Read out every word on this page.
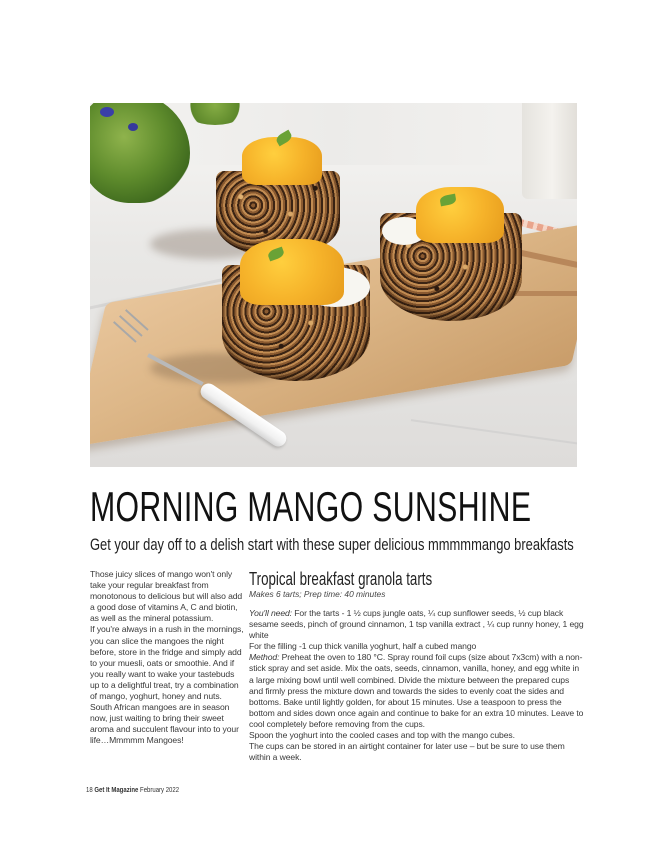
MORNING MANGO SUNSHINE
Get your day off to a delish start with these super delicious mmmmmango breakfasts

Those juicy slices of mango won't only take your regular breakfast from monotonous to delicious but will also add a good dose of vitamins A, C and biotin, as well as the mineral potassium.

If you're always in a rush in the mornings, you can slice the mangoes the night before, store in the fridge and simply add to your muesli, oats or smoothie. And if you really want to wake your tastebuds up to a delightful treat, try a combination of mango, yoghurt, honey and nuts. South African mangoes are in season now, just waiting to bring their sweet aroma and succulent flavour into to your life…Mmmmm Mangoes!

Tropical breakfast granola tarts

Makes 6 tarts; Prep time: 40 minutes

You'll need: For the tarts - 1 ½ cups jungle oats, ¼ cup sunflower seeds, ½ cup black sesame seeds, pinch of ground cinnamon, 1 tsp vanilla extract , ¼ cup runny honey, 1 egg white

For the filling -1 cup thick vanilla yoghurt, half a cubed mango

Method: Preheat the oven to 180 °C. Spray round foil cups (size about 7x3cm) with a non-stick spray and set aside. Mix the oats, seeds, cinnamon, vanilla, honey, and egg white in a large mixing bowl until well combined. Divide the mixture between the prepared cups and firmly press the mixture down and towards the sides to evenly coat the sides and bottoms. Bake until lightly golden, for about 15 minutes. Use a teaspoon to press the bottom and sides down once again and continue to bake for an extra 10 minutes. Leave to cool completely before removing from the cups.

Spoon the yoghurt into the cooled cases and top with the mango cubes.

The cups can be stored in an airtight container for later use – but be sure to use them within a week.

18 Get It Magazine February 2022
